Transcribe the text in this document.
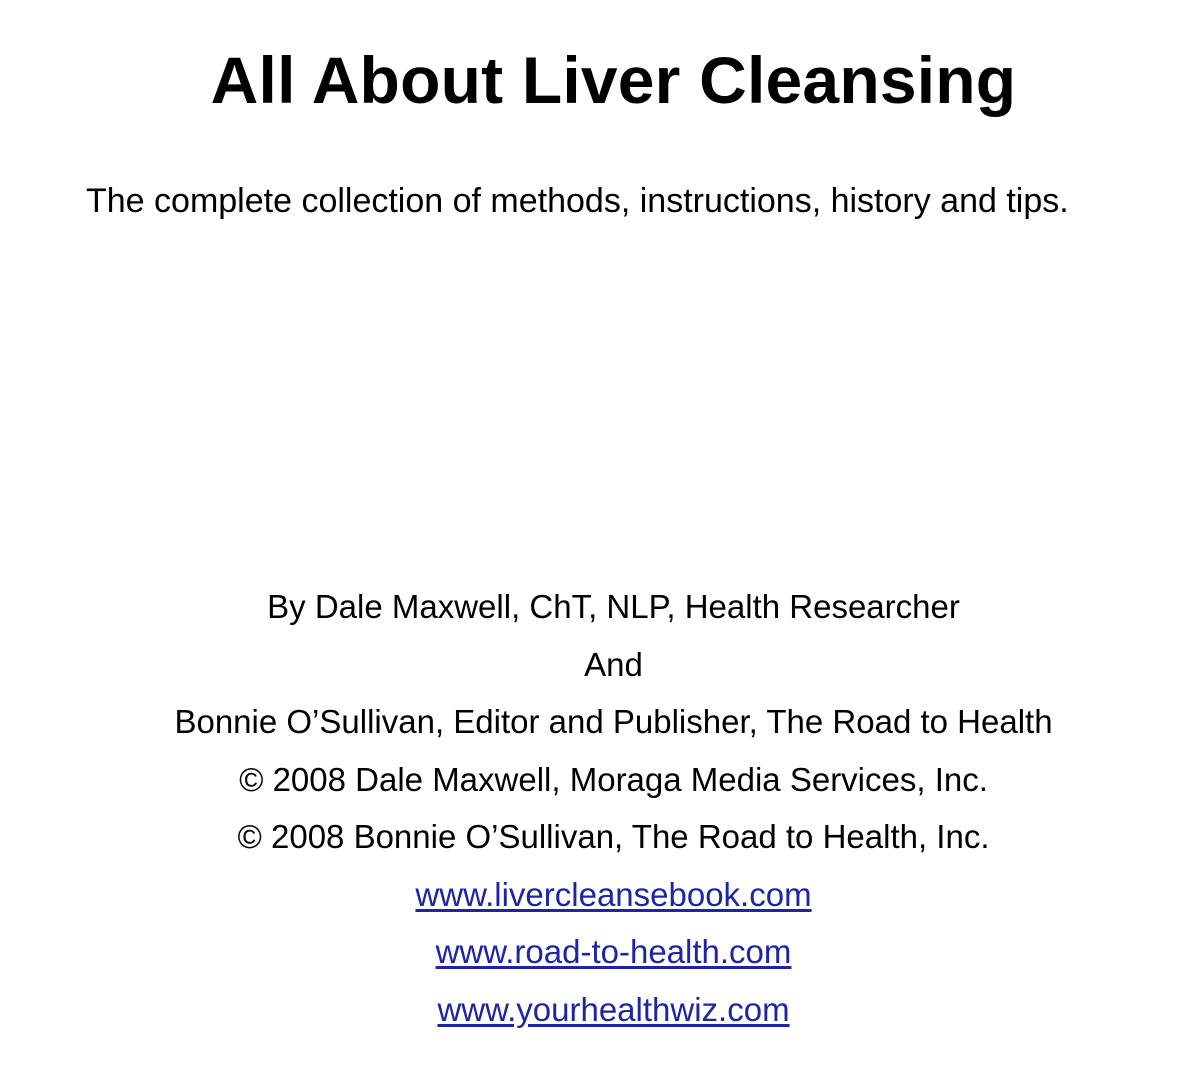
All About Liver Cleansing
The complete collection of methods, instructions, history and tips.
By Dale Maxwell, ChT, NLP, Health Researcher
And
Bonnie O’Sullivan, Editor and Publisher, The Road to Health
© 2008 Dale Maxwell, Moraga Media Services, Inc.
© 2008 Bonnie O’Sullivan, The Road to Health, Inc.
www.livercleansebook.com
www.road-to-health.com
www.yourhealthwiz.com
